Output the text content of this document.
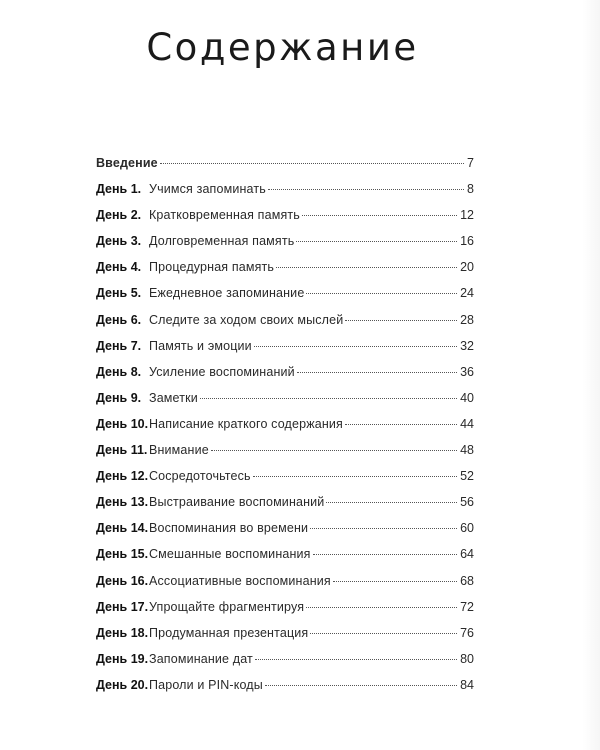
Содержание
Введение	7
День 1. Учимся запоминать	8
День 2. Кратковременная память	12
День 3. Долговременная память	16
День 4. Процедурная память	20
День 5. Ежедневное запоминание	24
День 6. Следите за ходом своих мыслей	28
День 7. Память и эмоции	32
День 8. Усиление воспоминаний	36
День 9. Заметки	40
День 10. Написание краткого содержания	44
День 11. Внимание	48
День 12. Сосредоточьтесь	52
День 13. Выстраивание воспоминаний	56
День 14. Воспоминания во времени	60
День 15. Смешанные воспоминания	64
День 16. Ассоциативные воспоминания	68
День 17. Упрощайте фрагментируя	72
День 18. Продуманная презентация	76
День 19. Запоминание дат	80
День 20. Пароли и PIN-коды	84
